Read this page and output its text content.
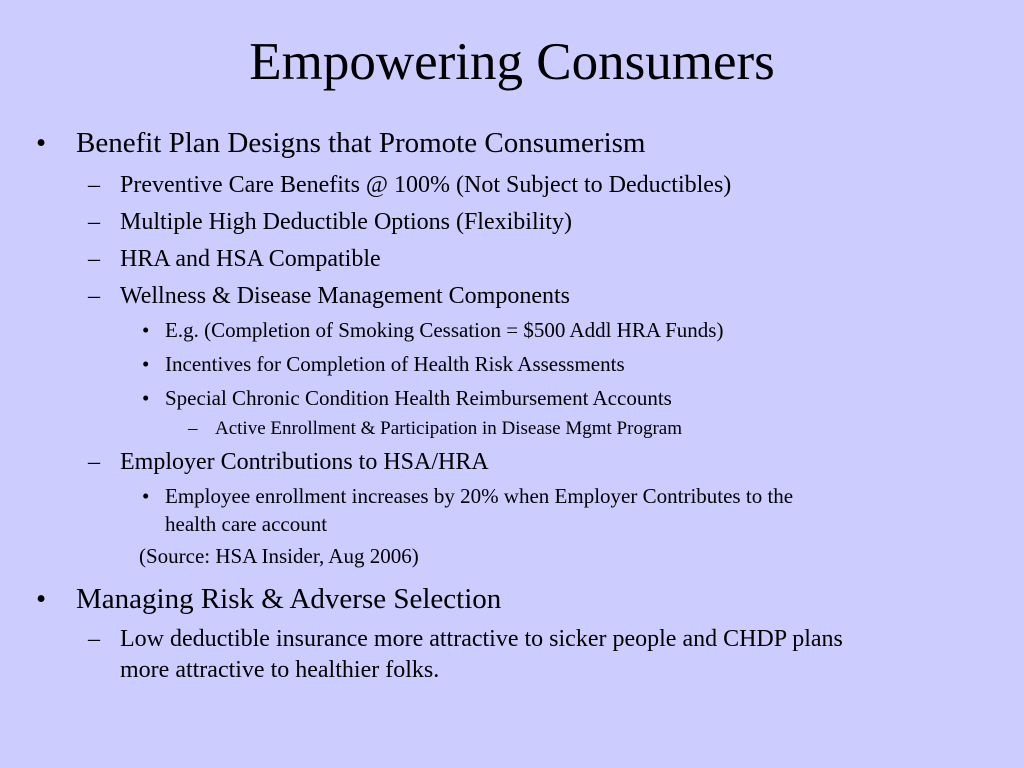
Empowering Consumers
• Benefit Plan Designs that Promote Consumerism
– Preventive Care Benefits @ 100% (Not Subject to Deductibles)
– Multiple High Deductible Options (Flexibility)
– HRA and HSA Compatible
– Wellness & Disease Management Components
• E.g. (Completion of Smoking Cessation = $500 Addl HRA Funds)
• Incentives for Completion of Health Risk Assessments
• Special Chronic Condition Health Reimbursement Accounts
– Active Enrollment & Participation in Disease Mgmt Program
– Employer Contributions to HSA/HRA
• Employee enrollment increases by 20% when Employer Contributes to the
health care account
(Source: HSA Insider, Aug 2006)
• Managing Risk & Adverse Selection
– Low deductible insurance more attractive to sicker people and CHDP plans
more attractive to healthier folks.
